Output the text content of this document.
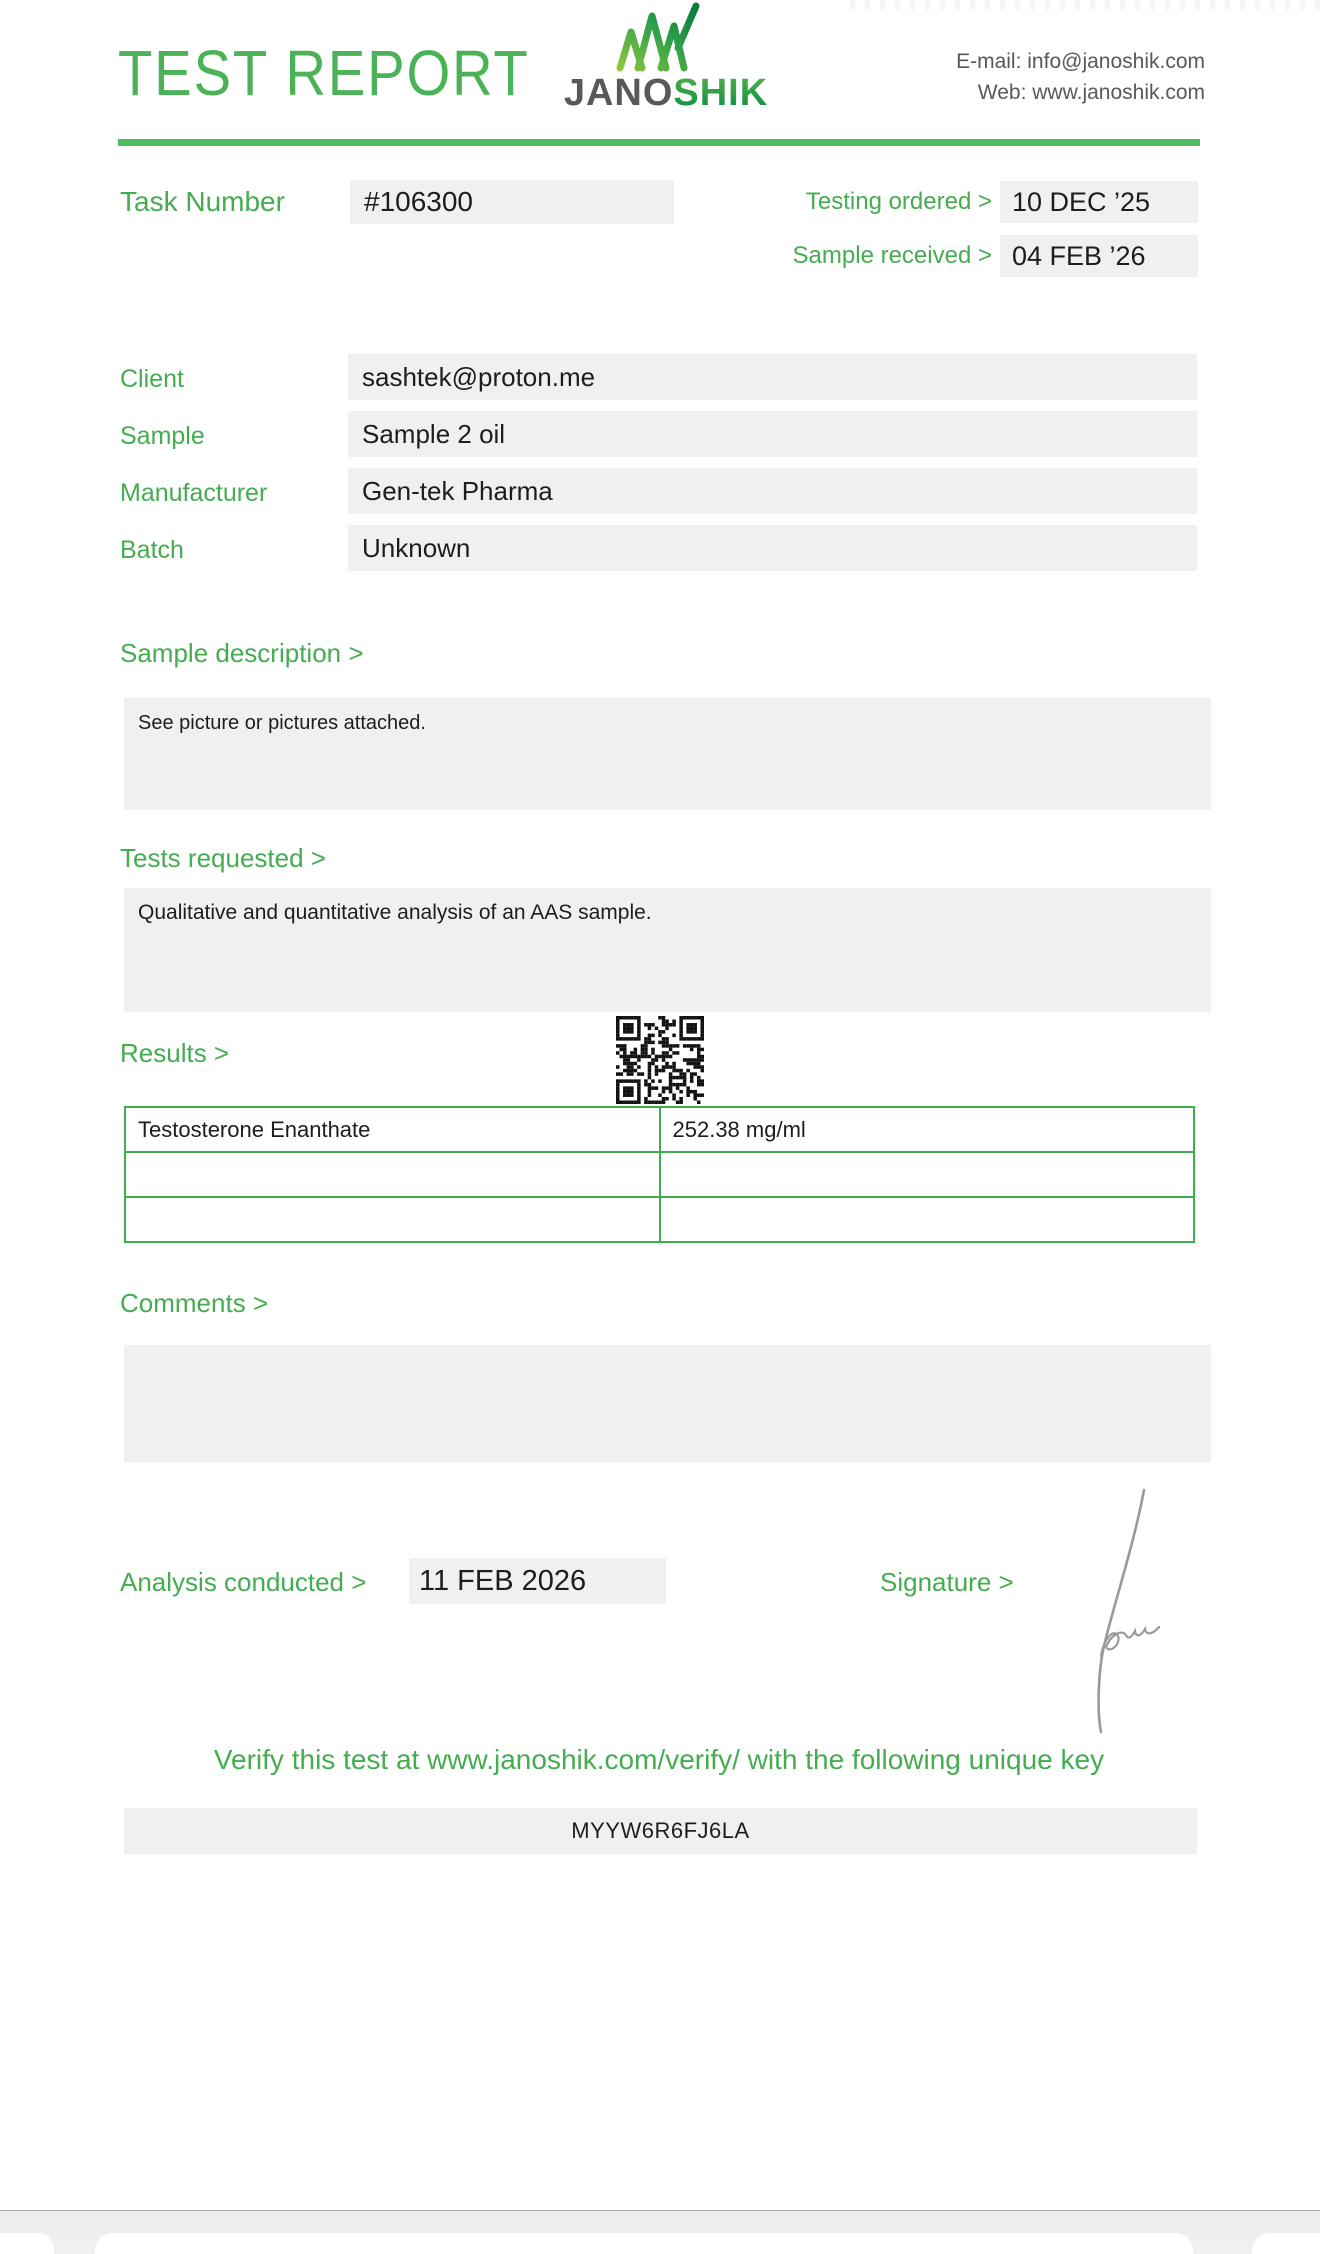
TEST REPORT JANOSHIK
E-mail: info@janoshik.com
Web: www.janoshik.com
Task Number	#106300	Testing ordered > 10 DEC ’25
Sample received > 04 FEB ’26
Client	sashtek@proton.me
Sample	Sample 2 oil
Manufacturer	Gen-tek Pharma
Batch	Unknown
Sample description >
See picture or pictures attached.
Tests requested >
Qualitative and quantitative analysis of an AAS sample.
Results >
Testosterone Enanthate	252.38 mg/ml

Comments >
Analysis conducted >	11 FEB 2026	Signature >
Verify this test at www.janoshik.com/verify/ with the following unique key
MYYW6R6FJ6LA
